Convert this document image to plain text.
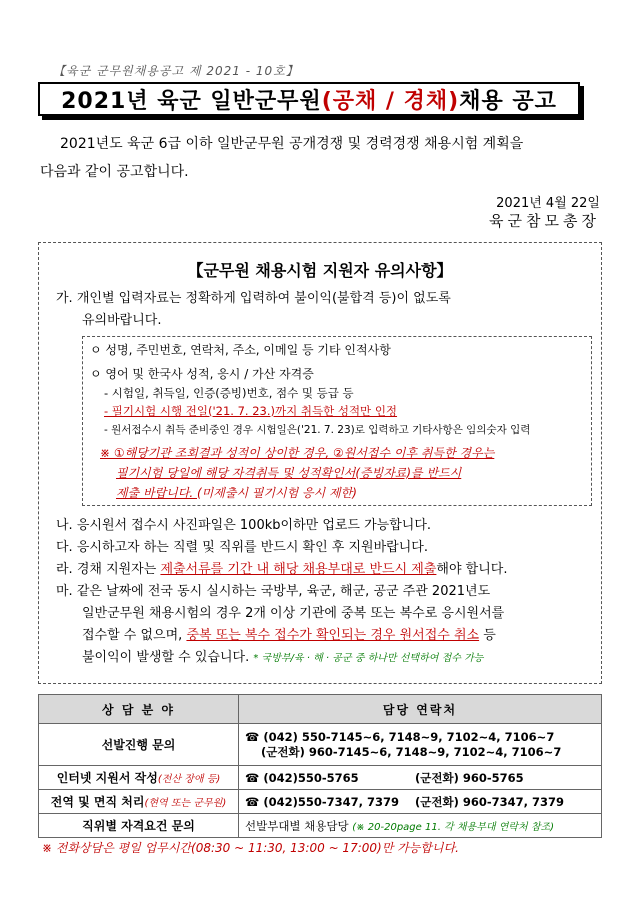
【육군 군무원채용공고 제 2021 - 10호】
2021년 육군 일반군무원 (공채 / 경채) 채용 공고
2021년도 육군 6급 이하 일반군무원 공개경쟁 및 경력경쟁 채용시험 계획을
다음과 같이 공고합니다.
2021년 4월 22일
육군참모총장
【군무원 채용시험 지원자 유의사항】
가. 개인별 입력자료는 정확하게 입력하여 불이익(불합격 등)이 없도록
유의바랍니다.
ㅇ 성명, 주민번호, 연락처, 주소, 이메일 등 기타 인적사항
ㅇ 영어 및 한국사 성적, 응시 / 가산 자격증
- 시험일, 취득일, 인증(증빙)번호, 점수 및 등급 등
- 필기시험 시행 전일('21. 7. 23.)까지 취득한 성적만 인정
- 원서접수시 취득 준비중인 경우 시험일은('21. 7. 23)로 입력하고 기타사항은 임의숫자 입력
※ ①해당기관 조회결과 성적이 상이한 경우, ②원서접수 이후 취득한 경우는
필기시험 당일에 해당 자격취득 및 성적확인서(증빙자료)를 반드시
제출 바랍니다. (미제출시 필기시험 응시 제한)
나. 응시원서 접수시 사진파일은 100kb이하만 업로드 가능합니다.
다. 응시하고자 하는 직렬 및 직위를 반드시 확인 후 지원바랍니다.
라. 경채 지원자는 제출서류를 기간 내 해당 채용부대로 반드시 제출해야 합니다.
마. 같은 날짜에 전국 동시 실시하는 국방부, 육군, 해군, 공군 주관 2021년도
일반군무원 채용시험의 경우 2개 이상 기관에 중복 또는 복수로 응시원서를
접수할 수 없으며, 중복 또는 복수 접수가 확인되는 경우 원서접수 취소 등
불이익이 발생할 수 있습니다. * 국방부/육 · 해 · 공군 중 하나만 선택하여 접수 가능
상 담 분 야	담당 연락처
선발진행 문의	☎ (042) 550-7145~6, 7148~9, 7102~4, 7106~7
(군전화) 960-7145~6, 7148~9, 7102~4, 7106~7

인터넷 지원서 작성(전산 장애 등)	☎ (042)550-5765 (군전화) 960-5765
전역 및 면직 처리(현역 또는 군무원)	☎ (042)550-7347, 7379 (군전화) 960-7347, 7379
직위별 자격요건 문의	선발부대별 채용담당 (※ 20-20page 11. 각 채용부대 연락처 참조)
※ 전화상담은 평일 업무시간(08:30 ~ 11:30, 13:00 ~ 17:00)만 가능합니다.
